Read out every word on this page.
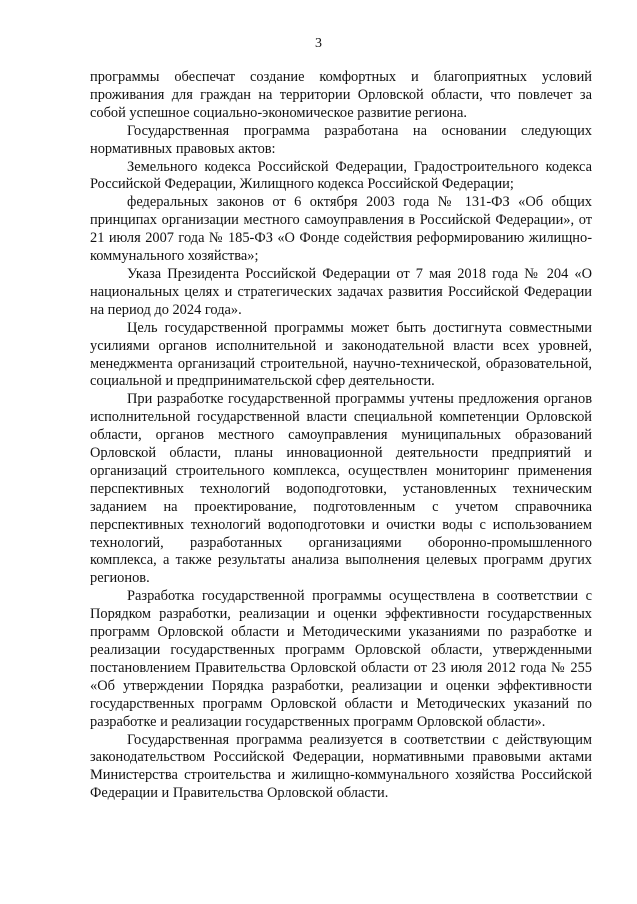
3

программы обеспечат создание комфортных и благоприятных условий проживания для граждан на территории Орловской области, что повлечет за собой успешное социально-экономическое развитие региона.

Государственная программа разработана на основании следующих нормативных правовых актов:

Земельного кодекса Российской Федерации, Градостроительного кодекса Российской Федерации, Жилищного кодекса Российской Федерации;

федеральных законов от 6 октября 2003 года № 131-ФЗ «Об общих принципах организации местного самоуправления в Российской Федерации», от 21 июля 2007 года № 185-ФЗ «О Фонде содействия реформированию жилищно-коммунального хозяйства»;

Указа Президента Российской Федерации от 7 мая 2018 года № 204 «О национальных целях и стратегических задачах развития Российской Федерации на период до 2024 года».

Цель государственной программы может быть достигнута совместными усилиями органов исполнительной и законодательной власти всех уровней, менеджмента организаций строительной, научно-технической, образовательной, социальной и предпринимательской сфер деятельности.

При разработке государственной программы учтены предложения органов исполнительной государственной власти специальной компетенции Орловской области, органов местного самоуправления муниципальных образований Орловской области, планы инновационной деятельности предприятий и организаций строительного комплекса, осуществлен мониторинг применения перспективных технологий водоподготовки, установленных техническим заданием на проектирование, подготовленным с учетом справочника перспективных технологий водоподготовки и очистки воды с использованием технологий, разработанных организациями оборонно-промышленного комплекса, а также результаты анализа выполнения целевых программ других регионов.

Разработка государственной программы осуществлена в соответствии с Порядком разработки, реализации и оценки эффективности государственных программ Орловской области и Методическими указаниями по разработке и реализации государственных программ Орловской области, утвержденными постановлением Правительства Орловской области от 23 июля 2012 года № 255 «Об утверждении Порядка разработки, реализации и оценки эффективности государственных программ Орловской области и Методических указаний по разработке и реализации государственных программ Орловской области».

Государственная программа реализуется в соответствии с действующим законодательством Российской Федерации, нормативными правовыми актами Министерства строительства и жилищно-коммунального хозяйства Российской Федерации и Правительства Орловской области.
